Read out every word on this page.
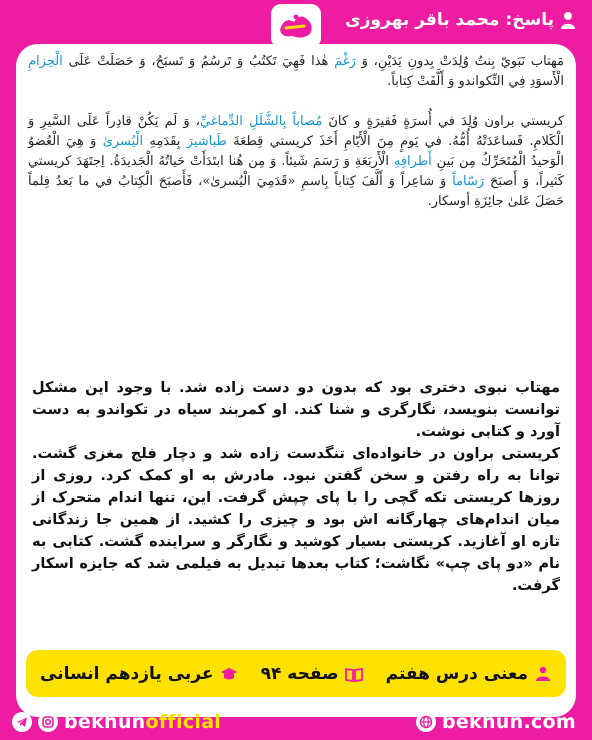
پاسخ: محمد باقر بهروزی

مَهتاب نَبَويّ بِنتٌ وُلِدَتْ بِدونِ يَدَيْنِ، وَ رَغْمَ هٰذا فَهِيَ تَكتُبُ وَ تَرسُمُ وَ تَسبَحُ، وَ حَصَلَتْ عَلَى الْحِزامِ الْأَسوَدِ فِي التِّكواندو وَ أَلَّفَتْ كِتاباً.

كريستي براون وُلِدَ في أُسرَةٍ فَقيرَةٍ و كانَ مُصاباً بِالشَّلَلِ الدِّماغيِّ، وَ لَم يَكُنْ قادِراً عَلَى السَّيرِ وَ الْكَلامِ. فَساعَدَتْهُ أُمُّهُ. في يَومٍ مِنَ الْأَيّامِ أَخَذَ كريستي قِطعَةَ طَباشيرَ بِقَدَمِهِ الْيُسرىٰ وَ هِيَ الْعُضوُ الْوَحيدُ الْمُتَحَرِّكُ مِن بَينِ أَطرافِهِ الْأَربَعَةِ وَ رَسَمَ شَيئاً. وَ مِن هُنا ابتَدَأَتْ حَياتُهُ الْجَديدَةُ. اِجتَهَدَ كريستي كَثيراً، وَ أَصبَحَ رَسّاماً وَ شاعِراً وَ أَلَّفَ كِتاباً بِاسمِ «قَدَمِيَ الْيُسرىٰ»، فَأَصبَحَ الْكِتابُ في ما بَعدُ فِلماً حَصَلَ عَلىٰ جائِزَةِ أوسكار.

مهتاب نبوی دختری بود که بدون دو دست زاده شد. با وجود این مشکل توانست بنویسد، نگارگری و شنا کند. او کمربند سیاه در تکواندو به دست آورد و کتابی نوشت.

کریستی براون در خانواده‌ای تنگدست زاده شد و دچار فلج مغزی گشت. توانا به راه رفتن و سخن گفتن نبود. مادرش به او کمک کرد. روزی از روزها کریستی تکه گچی را با پای چپش گرفت. این، تنها اندام متحرک از میان اندام‌های چهارگانه اش بود و چیزی را کشید. از همین جا زندگانی تازه او آغازید. کریستی بسیار کوشید و نگارگر و سراینده گشت. کتابی به نام «دو پای چپ» نگاشت؛ کتاب بعدها تبدیل به فیلمی شد که جایزه اسکار گرفت.

معنی درس هفتم
صفحه ۹۴
عربی یازدهم انسانی
bekhunofficial	bekhun.com
